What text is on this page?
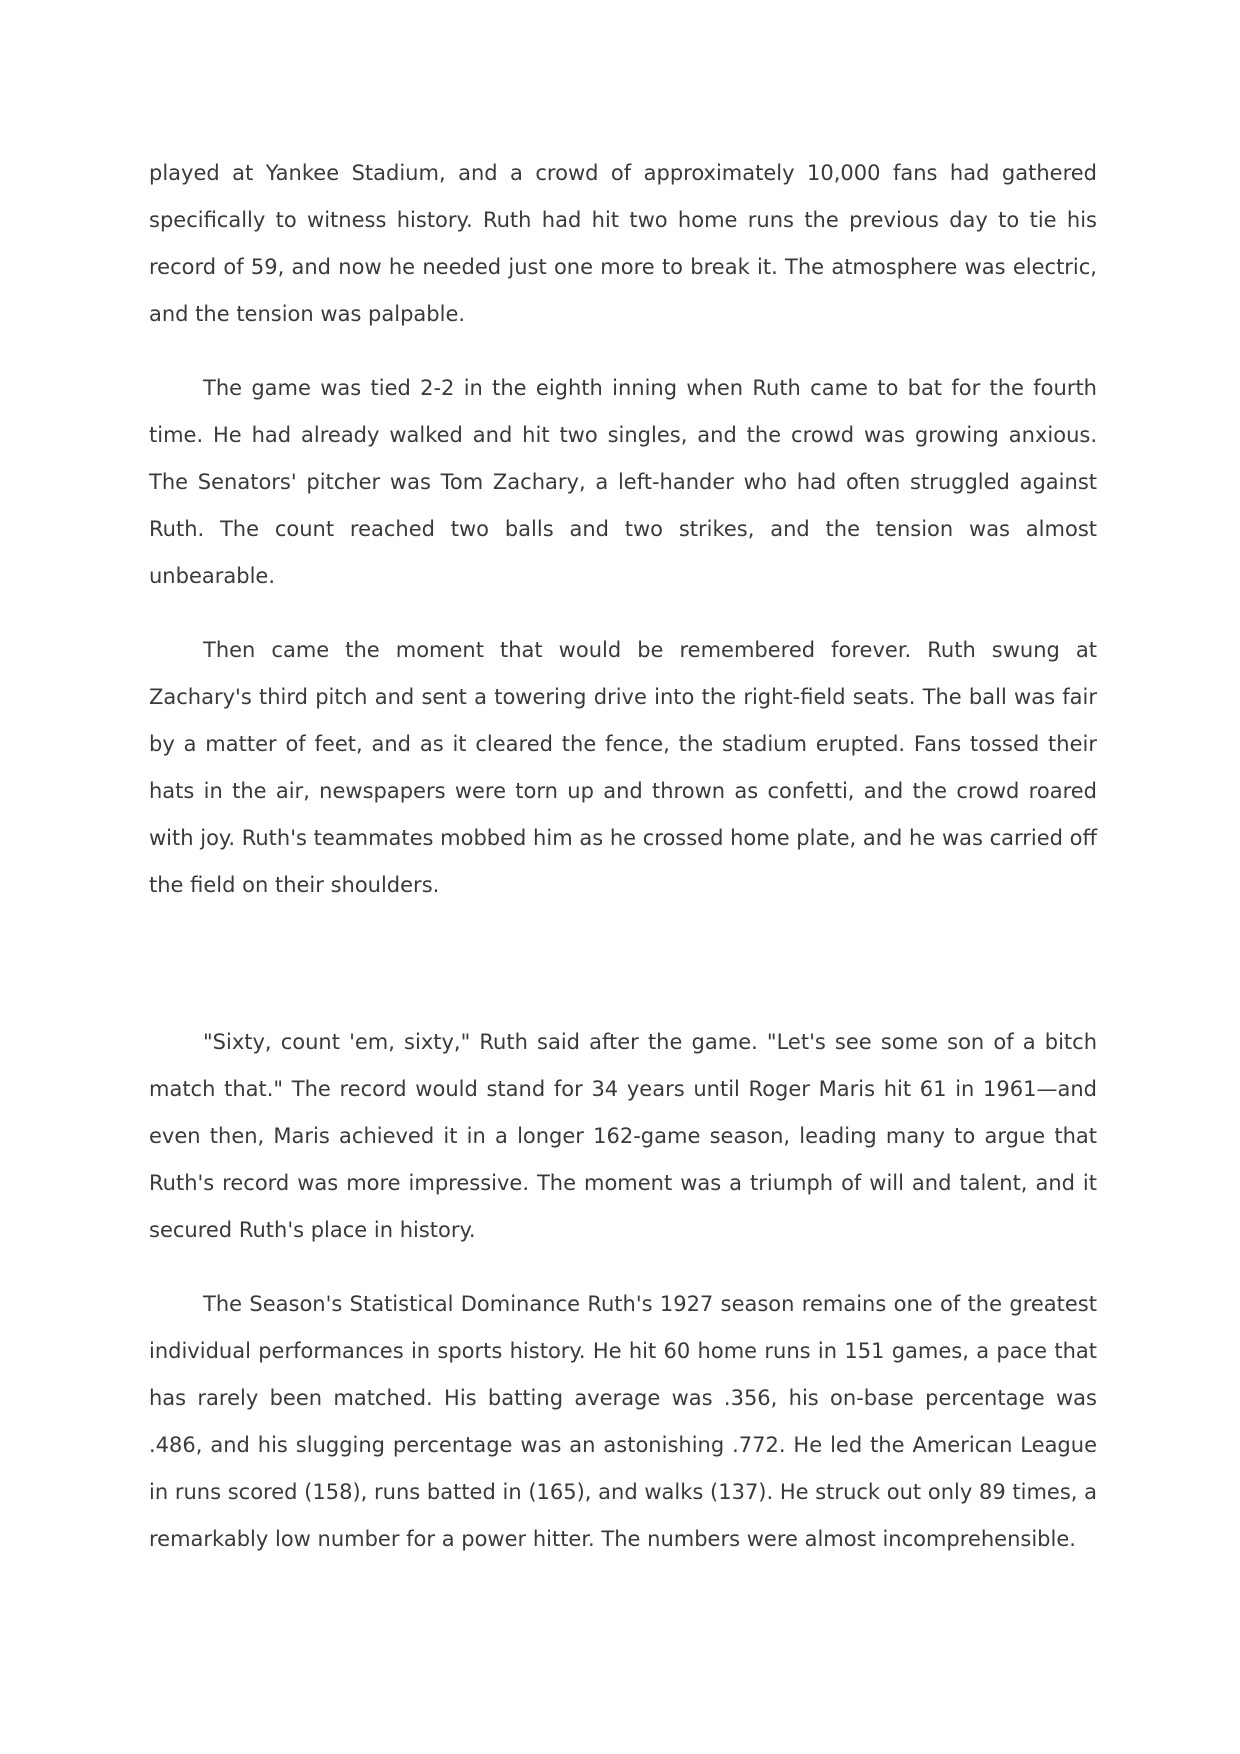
played at Yankee Stadium, and a crowd of approximately 10,000 fans had gathered specifically to witness history. Ruth had hit two home runs the previous day to tie his record of 59, and now he needed just one more to break it. The atmosphere was electric, and the tension was palpable.

The game was tied 2-2 in the eighth inning when Ruth came to bat for the fourth time. He had already walked and hit two singles, and the crowd was growing anxious. The Senators' pitcher was Tom Zachary, a left-hander who had often struggled against Ruth. The count reached two balls and two strikes, and the tension was almost unbearable.

Then came the moment that would be remembered forever. Ruth swung at Zachary's third pitch and sent a towering drive into the right-field seats. The ball was fair by a matter of feet, and as it cleared the fence, the stadium erupted. Fans tossed their hats in the air, newspapers were torn up and thrown as confetti, and the crowd roared with joy. Ruth's teammates mobbed him as he crossed home plate, and he was carried off the field on their shoulders.

"Sixty, count 'em, sixty," Ruth said after the game. "Let's see some son of a bitch match that." The record would stand for 34 years until Roger Maris hit 61 in 1961—and even then, Maris achieved it in a longer 162-game season, leading many to argue that Ruth's record was more impressive. The moment was a triumph of will and talent, and it secured Ruth's place in history.

The Season's Statistical Dominance Ruth's 1927 season remains one of the greatest individual performances in sports history. He hit 60 home runs in 151 games, a pace that has rarely been matched. His batting average was .356, his on-base percentage was .486, and his slugging percentage was an astonishing .772. He led the American League in runs scored (158), runs batted in (165), and walks (137). He struck out only 89 times, a remarkably low number for a power hitter. The numbers were almost incomprehensible.
